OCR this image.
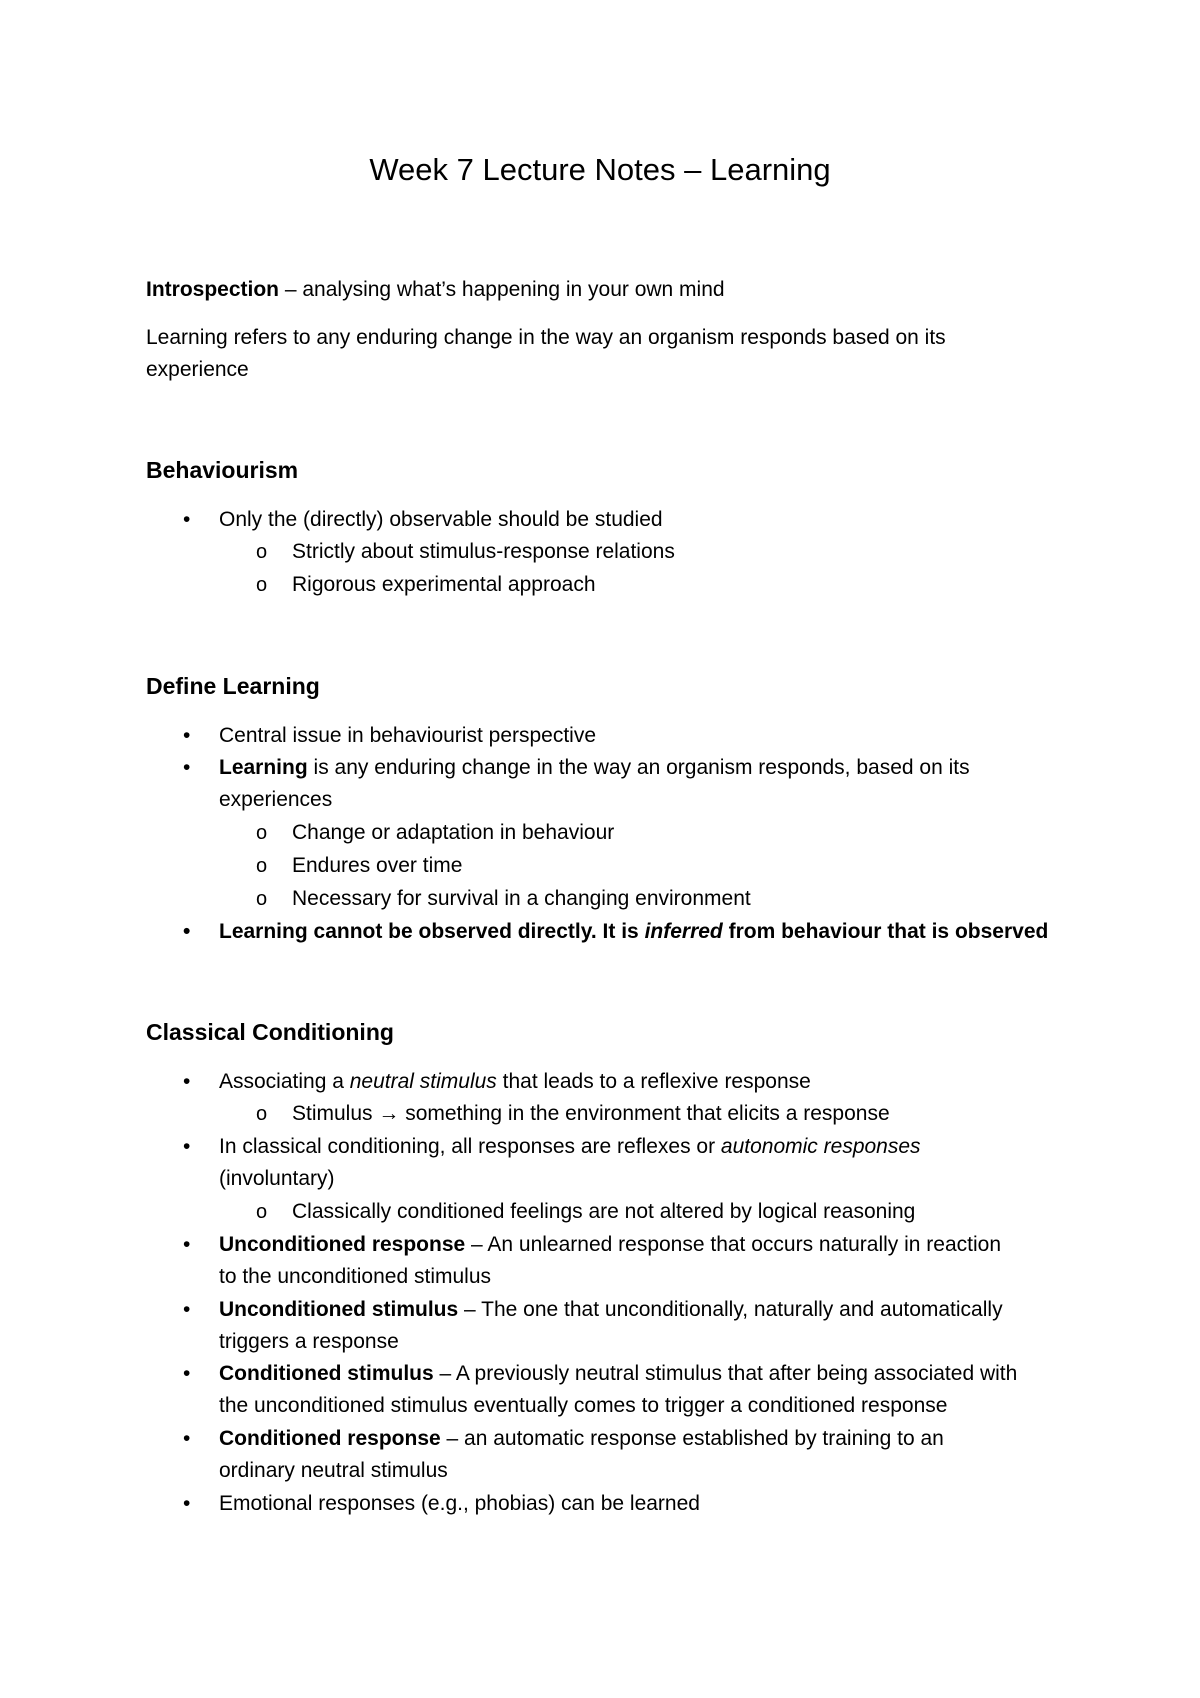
Week 7 Lecture Notes – Learning
Introspection – analysing what’s happening in your own mind
Learning refers to any enduring change in the way an organism responds based on its
experience
Behaviourism
• Only the (directly) observable should be studied
o Strictly about stimulus-response relations
o Rigorous experimental approach
Define Learning
• Central issue in behaviourist perspective
• Learning is any enduring change in the way an organism responds, based on its
experiences
o Change or adaptation in behaviour
o Endures over time
o Necessary for survival in a changing environment
• Learning cannot be observed directly. It is inferred from behaviour that is observed
Classical Conditioning
• Associating a neutral stimulus that leads to a reflexive response
o Stimulus → something in the environment that elicits a response
• In classical conditioning, all responses are reflexes or autonomic responses
(involuntary)
o Classically conditioned feelings are not altered by logical reasoning
• Unconditioned response – An unlearned response that occurs naturally in reaction
to the unconditioned stimulus
• Unconditioned stimulus – The one that unconditionally, naturally and automatically
triggers a response
• Conditioned stimulus – A previously neutral stimulus that after being associated with
the unconditioned stimulus eventually comes to trigger a conditioned response
• Conditioned response – an automatic response established by training to an
ordinary neutral stimulus
• Emotional responses (e.g., phobias) can be learned
